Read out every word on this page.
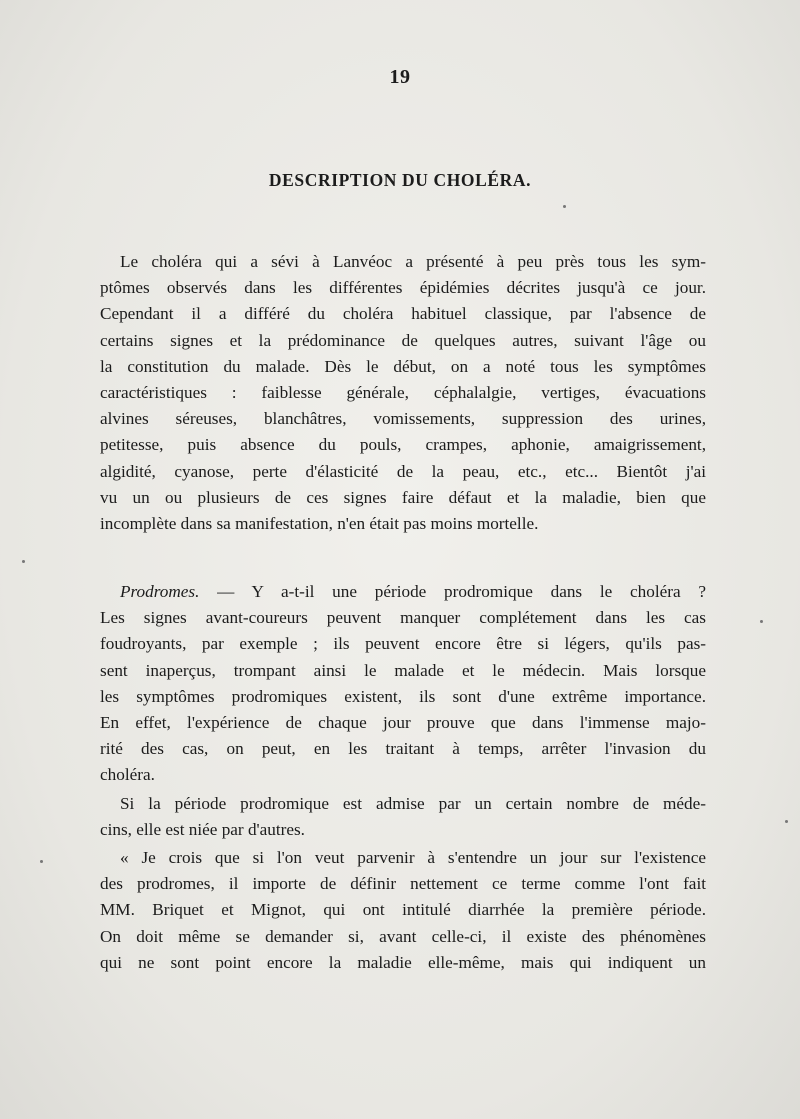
19
DESCRIPTION DU CHOLÉRA.
Le choléra qui a sévi à Lanvéoc a présenté à peu près tous les sym-
ptômes observés dans les différentes épidémies décrites jusqu'à ce jour.
Cependant il a différé du choléra habituel classique, par l'absence de
certains signes et la prédominance de quelques autres, suivant l'âge ou
la constitution du malade. Dès le début, on a noté tous les symptômes
caractéristiques : faiblesse générale, céphalalgie, vertiges, évacuations
alvines séreuses, blanchâtres, vomissements, suppression des urines,
petitesse, puis absence du pouls, crampes, aphonie, amaigrissement,
algidité, cyanose, perte d'élasticité de la peau, etc., etc... Bientôt j'ai
vu un ou plusieurs de ces signes faire défaut et la maladie, bien que
incomplète dans sa manifestation, n'en était pas moins mortelle.
Prodromes. — Y a-t-il une période prodromique dans le choléra ?
Les signes avant-coureurs peuvent manquer complétement dans les cas
foudroyants, par exemple ; ils peuvent encore être si légers, qu'ils pas-
sent inaperçus, trompant ainsi le malade et le médecin. Mais lorsque
les symptômes prodromiques existent, ils sont d'une extrême importance.
En effet, l'expérience de chaque jour prouve que dans l'immense majo-
rité des cas, on peut, en les traitant à temps, arrêter l'invasion du
choléra.
Si la période prodromique est admise par un certain nombre de méde-
cins, elle est niée par d'autres.
« Je crois que si l'on veut parvenir à s'entendre un jour sur l'existence
des prodromes, il importe de définir nettement ce terme comme l'ont fait
MM. Briquet et Mignot, qui ont intitulé diarrhée la première période.
On doit même se demander si, avant celle-ci, il existe des phénomènes
qui ne sont point encore la maladie elle-même, mais qui indiquent un
